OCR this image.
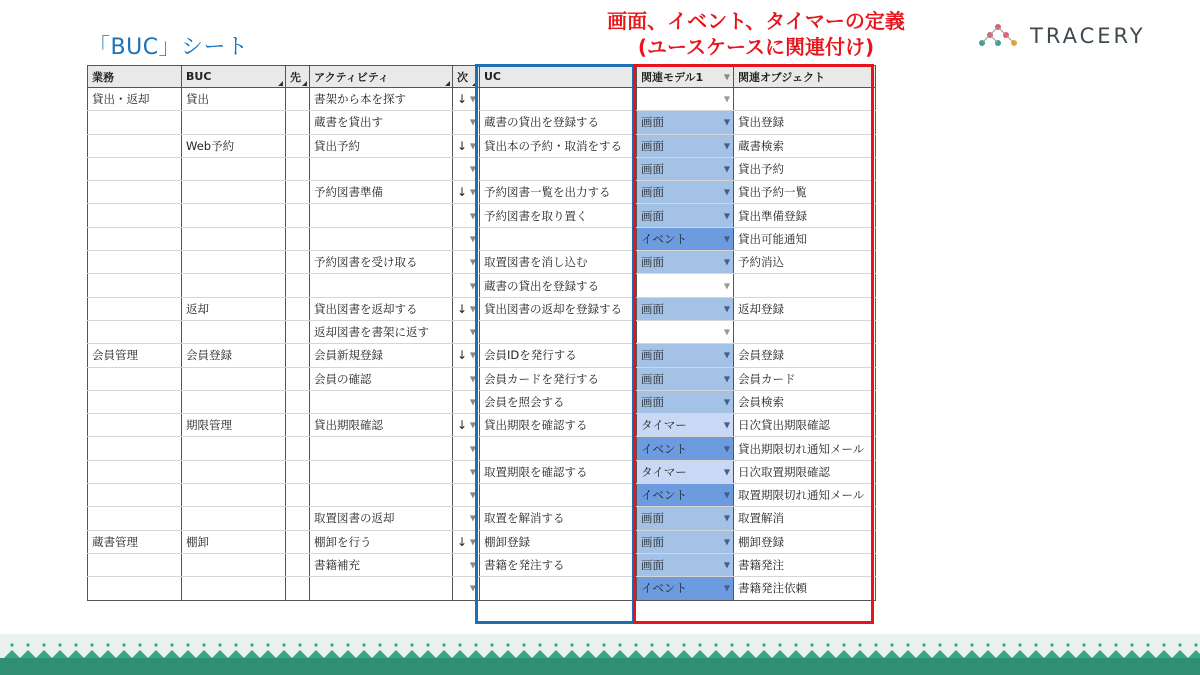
「BUC」シート
画面、イベント、タイマーの定義
(ユースケースに関連付け)	TRACERY
業務	BUC	先	アクティビティ	次	UC	関連モデル1 ▼	関連オブジェクト
貸出・返却	貸出		書架から本を探す	↓ ▼		▼	

			蔵書を貸出す	▼	蔵書の貸出を登録する	画面 ▼	貸出登録
	Web予約		貸出予約	↓ ▼	貸出本の予約・取消をする	画面 ▼	蔵書検索

				▼		画面 ▼	貸出予約
			予約図書準備	↓ ▼	予約図書一覧を出力する	画面 ▼	貸出予約一覧

				▼	予約図書を取り置く	画面 ▼	貸出準備登録

				▼		イベント ▼	貸出可能通知
			予約図書を受け取る	▼	取置図書を消し込む	画面 ▼	予約消込

				▼	蔵書の貸出を登録する	▼	

	返却		貸出図書を返却する	↓ ▼	貸出図書の返却を登録する	画面 ▼	返却登録
			返却図書を書架に返す	▼		▼	

会員管理	会員登録		会員新規登録	↓ ▼	会員IDを発行する	画面 ▼	会員登録
			会員の確認	▼	会員カードを発行する	画面 ▼	会員カード

				▼	会員を照会する	画面 ▼	会員検索
	期限管理		貸出期限確認	↓ ▼	貸出期限を確認する	タイマー ▼	日次貸出期限確認

				▼		イベント ▼	貸出期限切れ通知メール

				▼	取置期限を確認する	タイマー ▼	日次取置期限確認

				▼		イベント ▼	取置期限切れ通知メール
			取置図書の返却	▼	取置を解消する	画面 ▼	取置解消
蔵書管理	棚卸		棚卸を行う	↓ ▼	棚卸登録	画面 ▼	棚卸登録
			書籍補充	▼	書籍を発注する	画面 ▼	書籍発注

				▼		イベント ▼	書籍発注依頼
